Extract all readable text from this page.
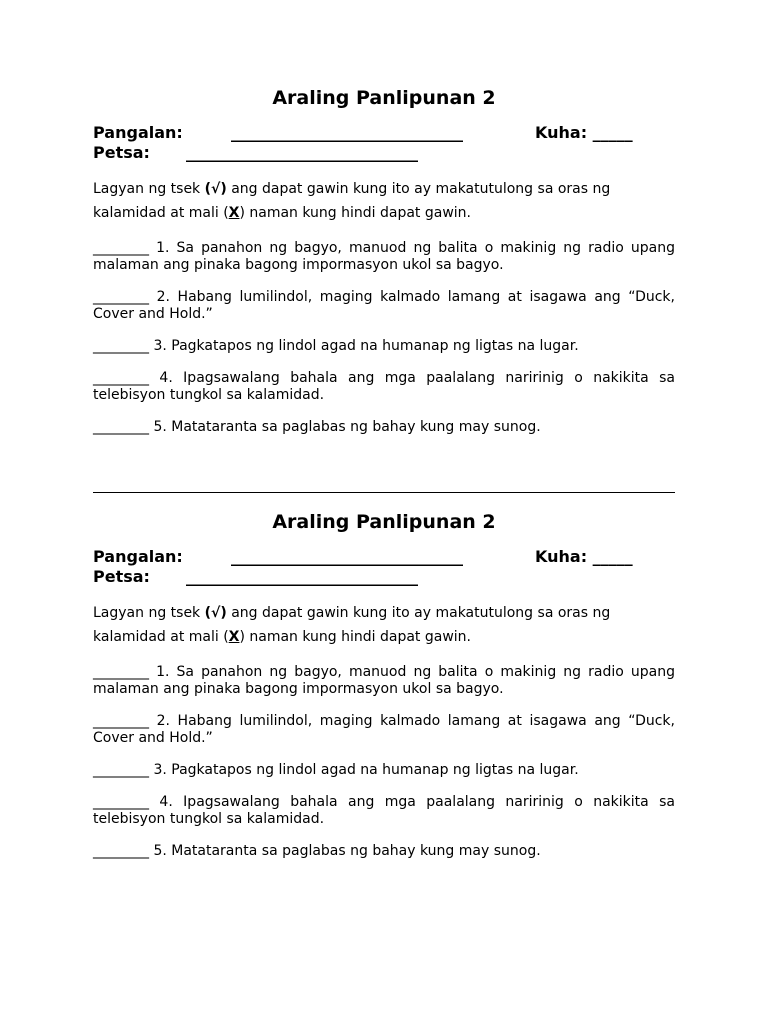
Araling Panlipunan 2

Pangalan:

	_____________________________

	Kuha: _____

Petsa:

_____________________________

Lagyan ng tsek (√) ang dapat gawin kung ito ay makatutulong sa oras ng kalamidad at mali (X) naman kung hindi dapat gawin.
________ 1. Sa panahon ng bagyo, manuod ng balita o makinig ng radio upang malaman ang pinaka bagong impormasyon ukol sa bagyo.
________ 2. Habang lumilindol, maging kalmado lamang at isagawa ang “Duck, Cover and Hold.”
________ 3. Pagkatapos ng lindol agad na humanap ng ligtas na lugar.
________ 4. Ipagsawalang bahala ang mga paalalang naririnig o nakikita sa telebisyon tungkol sa kalamidad.
________ 5. Matataranta sa paglabas ng bahay kung may sunog.
Araling Panlipunan 2

Pangalan:

	_____________________________

	Kuha: _____

Petsa:

_____________________________

Lagyan ng tsek (√) ang dapat gawin kung ito ay makatutulong sa oras ng kalamidad at mali (X) naman kung hindi dapat gawin.
________ 1. Sa panahon ng bagyo, manuod ng balita o makinig ng radio upang malaman ang pinaka bagong impormasyon ukol sa bagyo.
________ 2. Habang lumilindol, maging kalmado lamang at isagawa ang “Duck, Cover and Hold.”
________ 3. Pagkatapos ng lindol agad na humanap ng ligtas na lugar.
________ 4. Ipagsawalang bahala ang mga paalalang naririnig o nakikita sa telebisyon tungkol sa kalamidad.
________ 5. Matataranta sa paglabas ng bahay kung may sunog.
